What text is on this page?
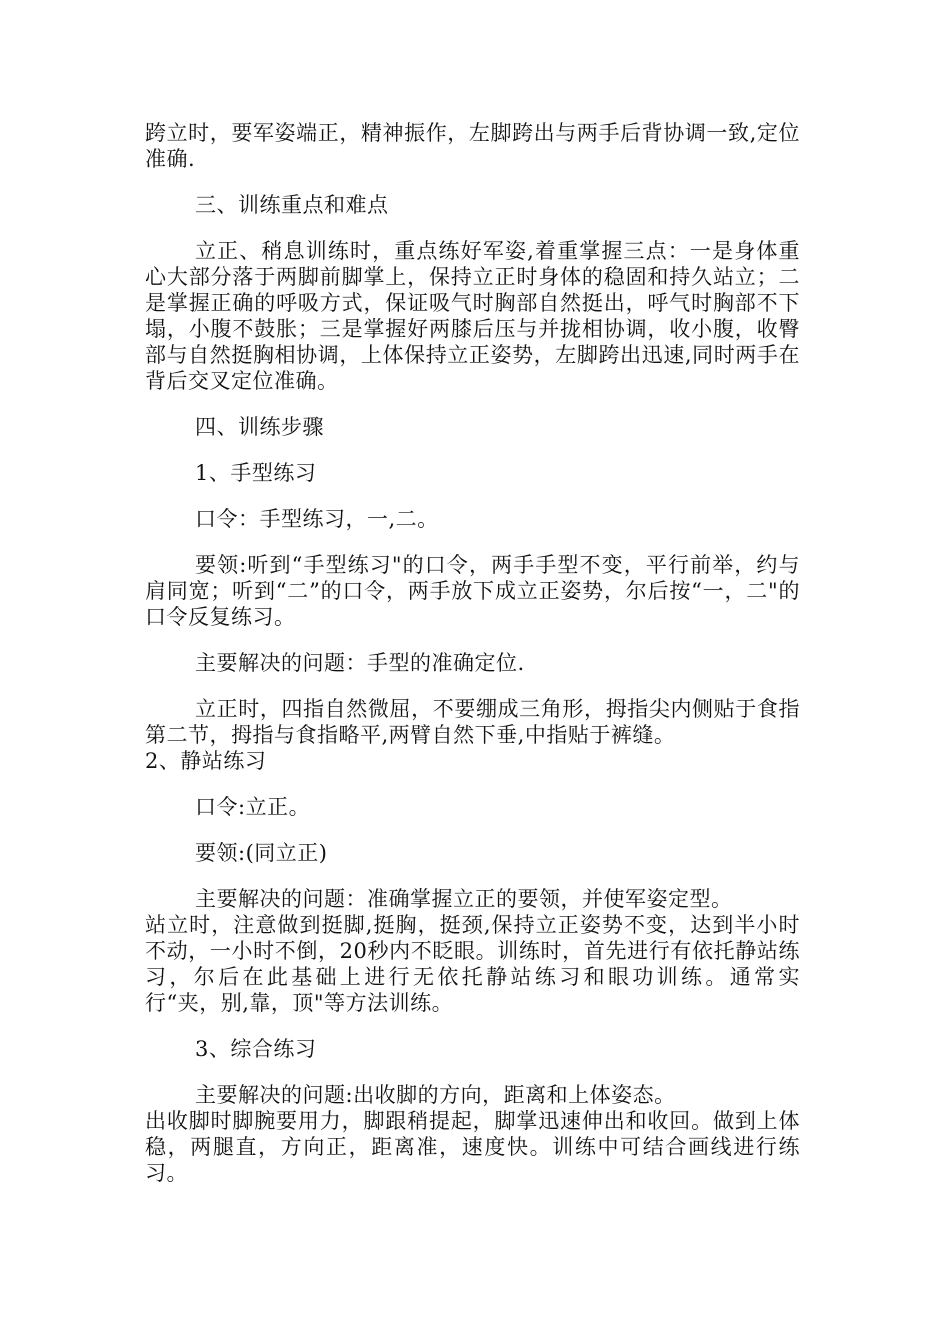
跨立时，要军姿端正，精神振作，左脚跨出与两手后背协调一致,定位准确.

三、训练重点和难点

立正、稍息训练时，重点练好军姿,着重掌握三点：一是身体重心大部分落于两脚前脚掌上，保持立正时身体的稳固和持久站立；二是掌握正确的呼吸方式，保证吸气时胸部自然挺出，呼气时胸部不下塌，小腹不鼓胀；三是掌握好两膝后压与并拢相协调，收小腹，收臀部与自然挺胸相协调，上体保持立正姿势，左脚跨出迅速,同时两手在背后交叉定位准确。

四、训练步骤

1、手型练习

口令：手型练习，一,二。

要领:听到“手型练习"的口令，两手手型不变，平行前举，约与肩同宽；听到“二”的口令，两手放下成立正姿势，尔后按“一，二"的口令反复练习。

主要解决的问题：手型的准确定位.

立正时，四指自然微屈，不要绷成三角形，拇指尖内侧贴于食指第二节，拇指与食指略平,两臂自然下垂,中指贴于裤缝。

2、静站练习

口令:立正。

要领:(同立正)

主要解决的问题：准确掌握立正的要领，并使军姿定型。

站立时，注意做到挺脚,挺胸，挺颈,保持立正姿势不变，达到半小时不动，一小时不倒，20秒内不眨眼。训练时，首先进行有依托静站练习，尔后在此基础上进行无依托静站练习和眼功训练。通常实行“夹，别,靠，顶"等方法训练。

3、综合练习

主要解决的问题:出收脚的方向，距离和上体姿态。

出收脚时脚腕要用力，脚跟稍提起，脚掌迅速伸出和收回。做到上体稳，两腿直，方向正，距离准，速度快。训练中可结合画线进行练习。
